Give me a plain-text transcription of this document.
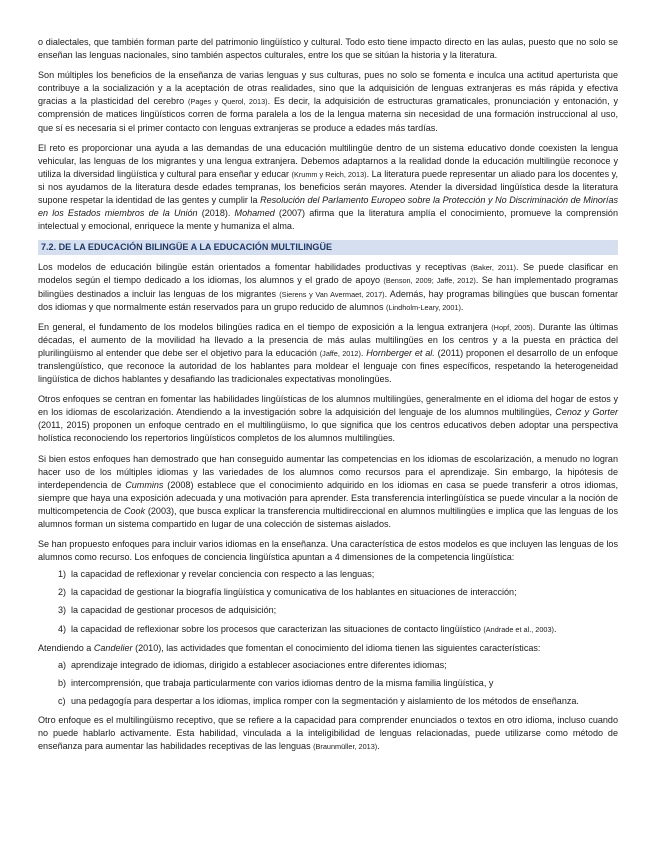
o dialectales, que también forman parte del patrimonio lingüístico y cultural. Todo esto tiene impacto directo en las aulas, puesto que no solo se enseñan las lenguas nacionales, sino también aspectos culturales, entre los que se sitúan la historia y la literatura.

Son múltiples los beneficios de la enseñanza de varias lenguas y sus culturas, pues no solo se fomenta e inculca una actitud aperturista que contribuye a la socialización y a la aceptación de otras realidades, sino que la adquisición de lenguas extranjeras es más rápida y efectiva gracias a la plasticidad del cerebro (Pages y Querol, 2013). Es decir, la adquisición de estructuras gramaticales, pronunciación y entonación, y comprensión de matices lingüísticos corren de forma paralela a los de la lengua materna sin necesidad de una formación instruccional al uso, que sí es necesaria si el primer contacto con lenguas extranjeras se produce a edades más tardías.

El reto es proporcionar una ayuda a las demandas de una educación multilingüe dentro de un sistema educativo donde coexisten la lengua vehicular, las lenguas de los migrantes y una lengua extranjera. Debemos adaptarnos a la realidad donde la educación multilingüe reconoce y utiliza la diversidad lingüística y cultural para enseñar y educar (Krumm y Reich, 2013). La literatura puede representar un aliado para los docentes y, si nos ayudamos de la literatura desde edades tempranas, los beneficios serán mayores. Atender la diversidad lingüística desde la literatura supone respetar la identidad de las gentes y cumplir la Resolución del Parlamento Europeo sobre la Protección y No Discriminación de Minorías en los Estados miembros de la Unión (2018). Mohamed (2007) afirma que la literatura amplía el conocimiento, promueve la comprensión intelectual y emocional, enriquece la mente y humaniza el alma.

7.2. DE LA EDUCACIÓN BILINGÜE A LA EDUCACIÓN MULTILINGÜE

Los modelos de educación bilingüe están orientados a fomentar habilidades productivas y receptivas (Baker, 2011). Se puede clasificar en modelos según el tiempo dedicado a los idiomas, los alumnos y el grado de apoyo (Benson, 2009; Jaffe, 2012). Se han implementado programas bilingües destinados a incluir las lenguas de los migrantes (Sierens y Van Avermaet, 2017). Además, hay programas bilingües que buscan fomentar dos idiomas y que normalmente están reservados para un grupo reducido de alumnos (Lindholm-Leary, 2001).

En general, el fundamento de los modelos bilingües radica en el tiempo de exposición a la lengua extranjera (Hopf, 2005). Durante las últimas décadas, el aumento de la movilidad ha llevado a la presencia de más aulas multilingües en los centros y a la puesta en práctica del plurilingüismo al entender que debe ser el objetivo para la educación (Jaffe, 2012). Hornberger et al. (2011) proponen el desarrollo de un enfoque translengüístico, que reconoce la autoridad de los hablantes para moldear el lenguaje con fines específicos, respetando la heterogeneidad lingüística de dichos hablantes y desafiando las tradicionales expectativas monolingües.

Otros enfoques se centran en fomentar las habilidades lingüísticas de los alumnos multilingües, generalmente en el idioma del hogar de estos y en los idiomas de escolarización. Atendiendo a la investigación sobre la adquisición del lenguaje de los alumnos multilingües, Cenoz y Gorter (2011, 2015) proponen un enfoque centrado en el multilingüismo, lo que significa que los centros educativos deben adoptar una perspectiva holística reconociendo los repertorios lingüísticos completos de los alumnos multilingües.

Si bien estos enfoques han demostrado que han conseguido aumentar las competencias en los idiomas de escolarización, a menudo no logran hacer uso de los múltiples idiomas y las variedades de los alumnos como recursos para el aprendizaje. Sin embargo, la hipótesis de interdependencia de Cummins (2008) establece que el conocimiento adquirido en los idiomas en casa se puede transferir a otros idiomas, siempre que haya una exposición adecuada y una motivación para aprender. Esta transferencia interlingüística se puede vincular a la noción de multicompetencia de Cook (2003), que busca explicar la transferencia multidireccional en alumnos multilingües e implica que las lenguas de los alumnos forman un sistema compartido en lugar de una colección de sistemas aislados.

Se han propuesto enfoques para incluir varios idiomas en la enseñanza. Una característica de estos modelos es que incluyen las lenguas de los alumnos como recurso. Los enfoques de conciencia lingüística apuntan a 4 dimensiones de la competencia lingüística:

1) la capacidad de reflexionar y revelar conciencia con respecto a las lenguas;
2) la capacidad de gestionar la biografía lingüística y comunicativa de los hablantes en situaciones de interacción;
3) la capacidad de gestionar procesos de adquisición;
4) la capacidad de reflexionar sobre los procesos que caracterizan las situaciones de contacto lingüístico (Andrade et al., 2003).

Atendiendo a Candelier (2010), las actividades que fomentan el conocimiento del idioma tienen las siguientes características:

a) aprendizaje integrado de idiomas, dirigido a establecer asociaciones entre diferentes idiomas;
b) intercomprensión, que trabaja particularmente con varios idiomas dentro de la misma familia lingüística, y
c) una pedagogía para despertar a los idiomas, implica romper con la segmentación y aislamiento de los métodos de enseñanza.

Otro enfoque es el multilingüismo receptivo, que se refiere a la capacidad para comprender enunciados o textos en otro idioma, incluso cuando no puede hablarlo activamente. Esta habilidad, vinculada a la inteligibilidad de lenguas relacionadas, puede utilizarse como método de enseñanza para aumentar las habilidades receptivas de las lenguas (Braunmüller, 2013).
